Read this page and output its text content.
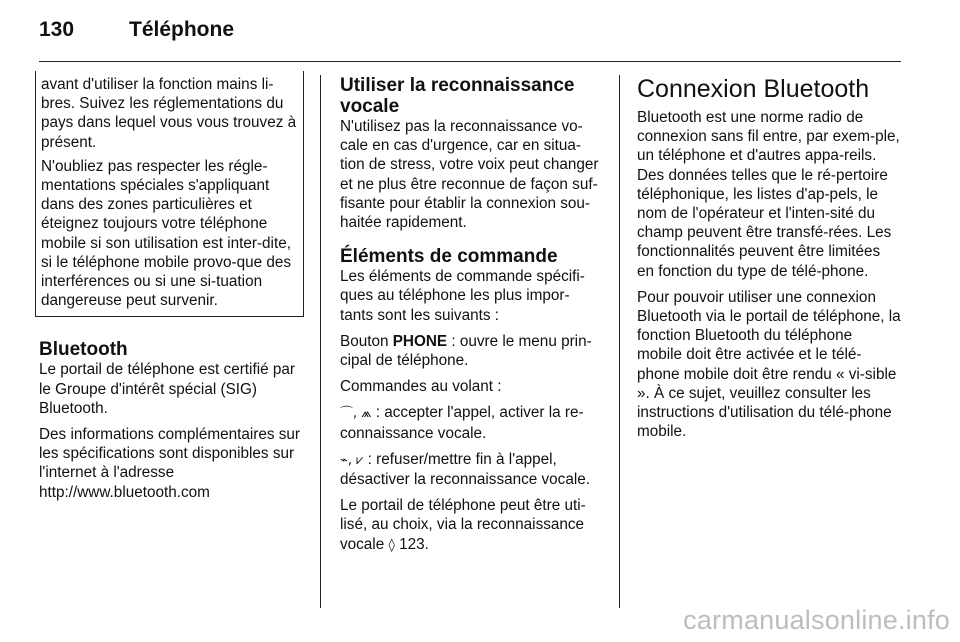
130	Téléphone

avant d'utiliser la fonction mains li-bres. Suivez les réglementations du pays dans lequel vous vous trouvez à présent.

N'oubliez pas respecter les régle-mentations spéciales s'appliquant dans des zones particulières et éteignez toujours votre téléphone mobile si son utilisation est inter-dite, si le téléphone mobile provo-que des interférences ou si une si-tuation dangereuse peut survenir.

Bluetooth

Le portail de téléphone est certifié par le Groupe d'intérêt spécial (SIG) Bluetooth.

Des informations complémentaires sur les spécifications sont disponibles sur l'internet à l'adresse http://www.bluetooth.com

Utiliser la reconnaissance vocale

N'utilisez pas la reconnaissance vo-cale en cas d'urgence, car en situa-tion de stress, votre voix peut changer et ne plus être reconnue de façon suf-fisante pour établir la connexion sou-haitée rapidement.

Éléments de commande

Les éléments de commande spécifi-ques au téléphone les plus impor-tants sont les suivants :

Bouton PHONE : ouvre le menu prin-cipal de téléphone.

Commandes au volant :

⌒, ⩕ : accepter l'appel, activer la re-connaissance vocale.

⌁, ⩗ : refuser/mettre fin à l'appel, désactiver la reconnaissance vocale.

Le portail de téléphone peut être uti-lisé, au choix, via la reconnaissance vocale ◊ 123.

Connexion Bluetooth

Bluetooth est une norme radio de connexion sans fil entre, par exem-ple, un téléphone et d'autres appa-reils. Des données telles que le ré-pertoire téléphonique, les listes d'ap-pels, le nom de l'opérateur et l'inten-sité du champ peuvent être transfé-rées. Les fonctionnalités peuvent être limitées en fonction du type de télé-phone.

Pour pouvoir utiliser une connexion Bluetooth via le portail de téléphone, la fonction Bluetooth du téléphone mobile doit être activée et le télé-phone mobile doit être rendu « vi-sible ». À ce sujet, veuillez consulter les instructions d'utilisation du télé-phone mobile.

carmanualsonline.info
